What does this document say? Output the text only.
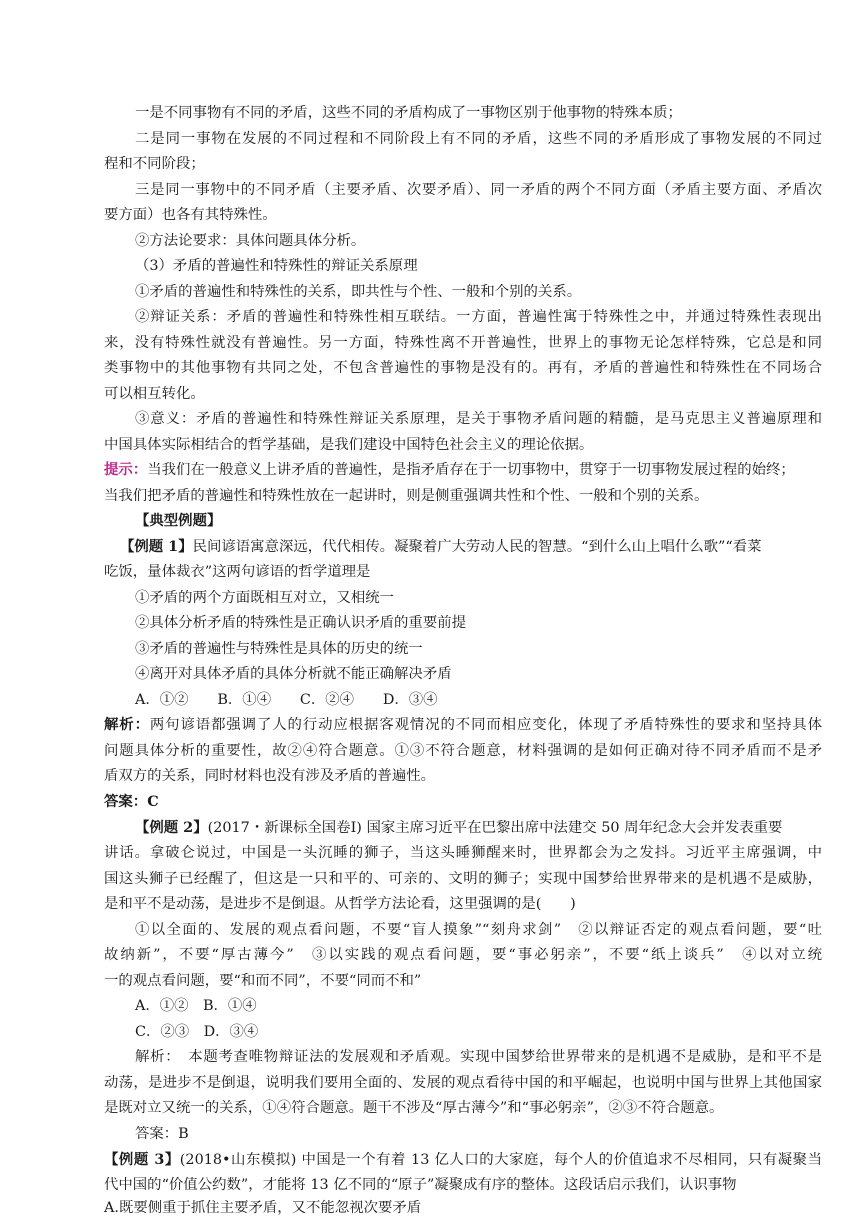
一是不同事物有不同的矛盾，这些不同的矛盾构成了一事物区别于他事物的特殊本质；
二是同一事物在发展的不同过程和不同阶段上有不同的矛盾，这些不同的矛盾形成了事物发展的不同过
程和不同阶段；
三是同一事物中的不同矛盾（主要矛盾、次要矛盾）、同一矛盾的两个不同方面（矛盾主要方面、矛盾次
要方面）也各有其特殊性。
②方法论要求：具体问题具体分析。
（3）矛盾的普遍性和特殊性的辩证关系原理
①矛盾的普遍性和特殊性的关系，即共性与个性、一般和个别的关系。
②辩证关系：矛盾的普遍性和特殊性相互联结。一方面，普遍性寓于特殊性之中，并通过特殊性表现出
来，没有特殊性就没有普遍性。另一方面，特殊性离不开普遍性，世界上的事物无论怎样特殊，它总是和同
类事物中的其他事物有共同之处，不包含普遍性的事物是没有的。再有，矛盾的普遍性和特殊性在不同场合
可以相互转化。
③意义：矛盾的普遍性和特殊性辩证关系原理，是关于事物矛盾问题的精髓，是马克思主义普遍原理和
中国具体实际相结合的哲学基础，是我们建设中国特色社会主义的理论依据。
提示：当我们在一般意义上讲矛盾的普遍性，是指矛盾存在于一切事物中，贯穿于一切事物发展过程的始终；
当我们把矛盾的普遍性和特殊性放在一起讲时，则是侧重强调共性和个性、一般和个别的关系。
【典型例题】
【例题 1】民间谚语寓意深远，代代相传。凝聚着广大劳动人民的智慧。“到什么山上唱什么歌”“看菜
吃饭，量体裁衣”这两句谚语的哲学道理是
①矛盾的两个方面既相互对立，又相统一
②具体分析矛盾的特殊性是正确认识矛盾的重要前提
③矛盾的普遍性与特殊性是具体的历史的统一
④离开对具体矛盾的具体分析就不能正确解决矛盾
A．①②　　B．①④　　C．②④　　D．③④
解析：两句谚语都强调了人的行动应根据客观情况的不同而相应变化，体现了矛盾特殊性的要求和坚持具体
问题具体分析的重要性，故②④符合题意。①③不符合题意，材料强调的是如何正确对待不同矛盾而不是矛
盾双方的关系，同时材料也没有涉及矛盾的普遍性。
答案：C
【例题 2】(2017・新课标全国卷Ⅰ) 国家主席习近平在巴黎出席中法建交 50 周年纪念大会并发表重要
讲话。拿破仑说过，中国是一头沉睡的狮子，当这头睡狮醒来时，世界都会为之发抖。习近平主席强调，中
国这头狮子已经醒了，但这是一只和平的、可亲的、文明的狮子；实现中国梦给世界带来的是机遇不是威胁，
是和平不是动荡，是进步不是倒退。从哲学方法论看，这里强调的是(　　)
①以全面的、发展的观点看问题，不要“盲人摸象”“刻舟求剑”　②以辩证否定的观点看问题，要“吐
故纳新”，不要“厚古薄今”　③以实践的观点看问题，要“事必躬亲”，不要“纸上谈兵”　④以对立统
一的观点看问题，要“和而不同”，不要“同而不和”
A．①②　B．①④
C．②③　D．③④
解析：　本题考查唯物辩证法的发展观和矛盾观。实现中国梦给世界带来的是机遇不是威胁，是和平不是
动荡，是进步不是倒退，说明我们要用全面的、发展的观点看待中国的和平崛起，也说明中国与世界上其他国家
是既对立又统一的关系，①④符合题意。题干不涉及“厚古薄今”和“事必躬亲”，②③不符合题意。
答案：B
【例题 3】(2018•山东模拟) 中国是一个有着 13 亿人口的大家庭，每个人的价值追求不尽相同，只有凝聚当
代中国的“价值公约数”，才能将 13 亿不同的“原子”凝聚成有序的整体。这段话启示我们，认识事物
A.既要侧重于抓住主要矛盾，又不能忽视次要矛盾
